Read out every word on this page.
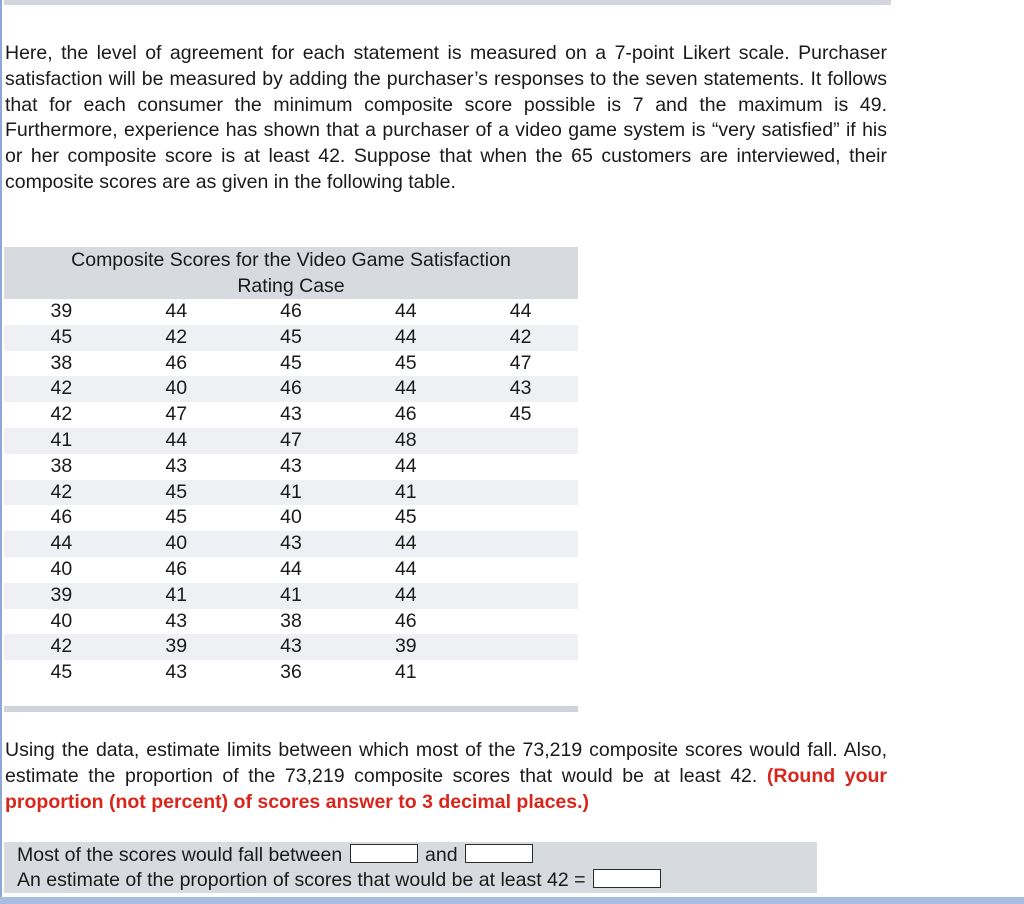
Here, the level of agreement for each statement is measured on a 7-point Likert scale. Purchaser satisfaction will be measured by adding the purchaser’s responses to the seven statements. It follows that for each consumer the minimum composite score possible is 7 and the maximum is 49. Furthermore, experience has shown that a purchaser of a video game system is “very satisfied” if his or her composite score is at least 42. Suppose that when the 65 customers are interviewed, their composite scores are as given in the following table.

Composite Scores for the Video Game Satisfaction
Rating Case
39	44	46	44	44
45	42	45	44	42
38	46	45	45	47
42	40	46	44	43
42	47	43	46	45
41	44	47	48	
38	43	43	44	
42	45	41	41	
46	45	40	45	
44	40	43	44	
40	46	44	44	
39	41	41	44	
40	43	38	46	
42	39	43	39	
45	43	36	41	

Using the data, estimate limits between which most of the 73,219 composite scores would fall. Also, estimate the proportion of the 73,219 composite scores that would be at least 42. (Round your proportion (not percent) of scores answer to 3 decimal places.)

Most of the scores would fall between	and
An estimate of the proportion of scores that would be at least 42 =
